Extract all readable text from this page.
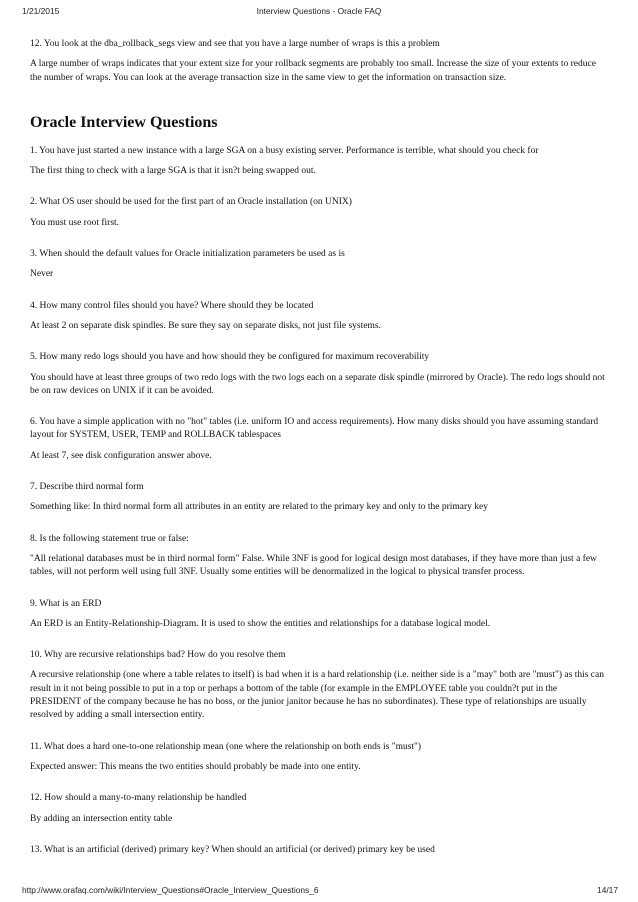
1/21/2015	Interview Questions - Oracle FAQ

12. You look at the dba_rollback_segs view and see that you have a large number of wraps is this a problem

A large number of wraps indicates that your extent size for your rollback segments are probably too small. Increase the size of your extents to reduce the number of wraps. You can look at the average transaction size in the same view to get the information on transaction size.

Oracle Interview Questions

1. You have just started a new instance with a large SGA on a busy existing server. Performance is terrible, what should you check for

The first thing to check with a large SGA is that it isn?t being swapped out.

2. What OS user should be used for the first part of an Oracle installation (on UNIX)

You must use root first.

3. When should the default values for Oracle initialization parameters be used as is

Never

4. How many control files should you have? Where should they be located

At least 2 on separate disk spindles. Be sure they say on separate disks, not just file systems.

5. How many redo logs should you have and how should they be configured for maximum recoverability

You should have at least three groups of two redo logs with the two logs each on a separate disk spindle (mirrored by Oracle). The redo logs should not be on raw devices on UNIX if it can be avoided.

6. You have a simple application with no "hot" tables (i.e. uniform IO and access requirements). How many disks should you have assuming standard layout for SYSTEM, USER, TEMP and ROLLBACK tablespaces

At least 7, see disk configuration answer above.

7. Describe third normal form

Something like: In third normal form all attributes in an entity are related to the primary key and only to the primary key

8. Is the following statement true or false:

"All relational databases must be in third normal form" False. While 3NF is good for logical design most databases, if they have more than just a few tables, will not perform well using full 3NF. Usually some entities will be denormalized in the logical to physical transfer process.

9. What is an ERD

An ERD is an Entity-Relationship-Diagram. It is used to show the entities and relationships for a database logical model.

10. Why are recursive relationships bad? How do you resolve them

A recursive relationship (one where a table relates to itself) is bad when it is a hard relationship (i.e. neither side is a "may" both are "must") as this can result in it not being possible to put in a top or perhaps a bottom of the table (for example in the EMPLOYEE table you couldn?t put in the PRESIDENT of the company because he has no boss, or the junior janitor because he has no subordinates). These type of relationships are usually resolved by adding a small intersection entity.

11. What does a hard one-to-one relationship mean (one where the relationship on both ends is "must")

Expected answer: This means the two entities should probably be made into one entity.

12. How should a many-to-many relationship be handled

By adding an intersection entity table

13. What is an artificial (derived) primary key? When should an artificial (or derived) primary key be used

http://www.orafaq.com/wiki/Interview_Questions#Oracle_Interview_Questions_6	14/17
